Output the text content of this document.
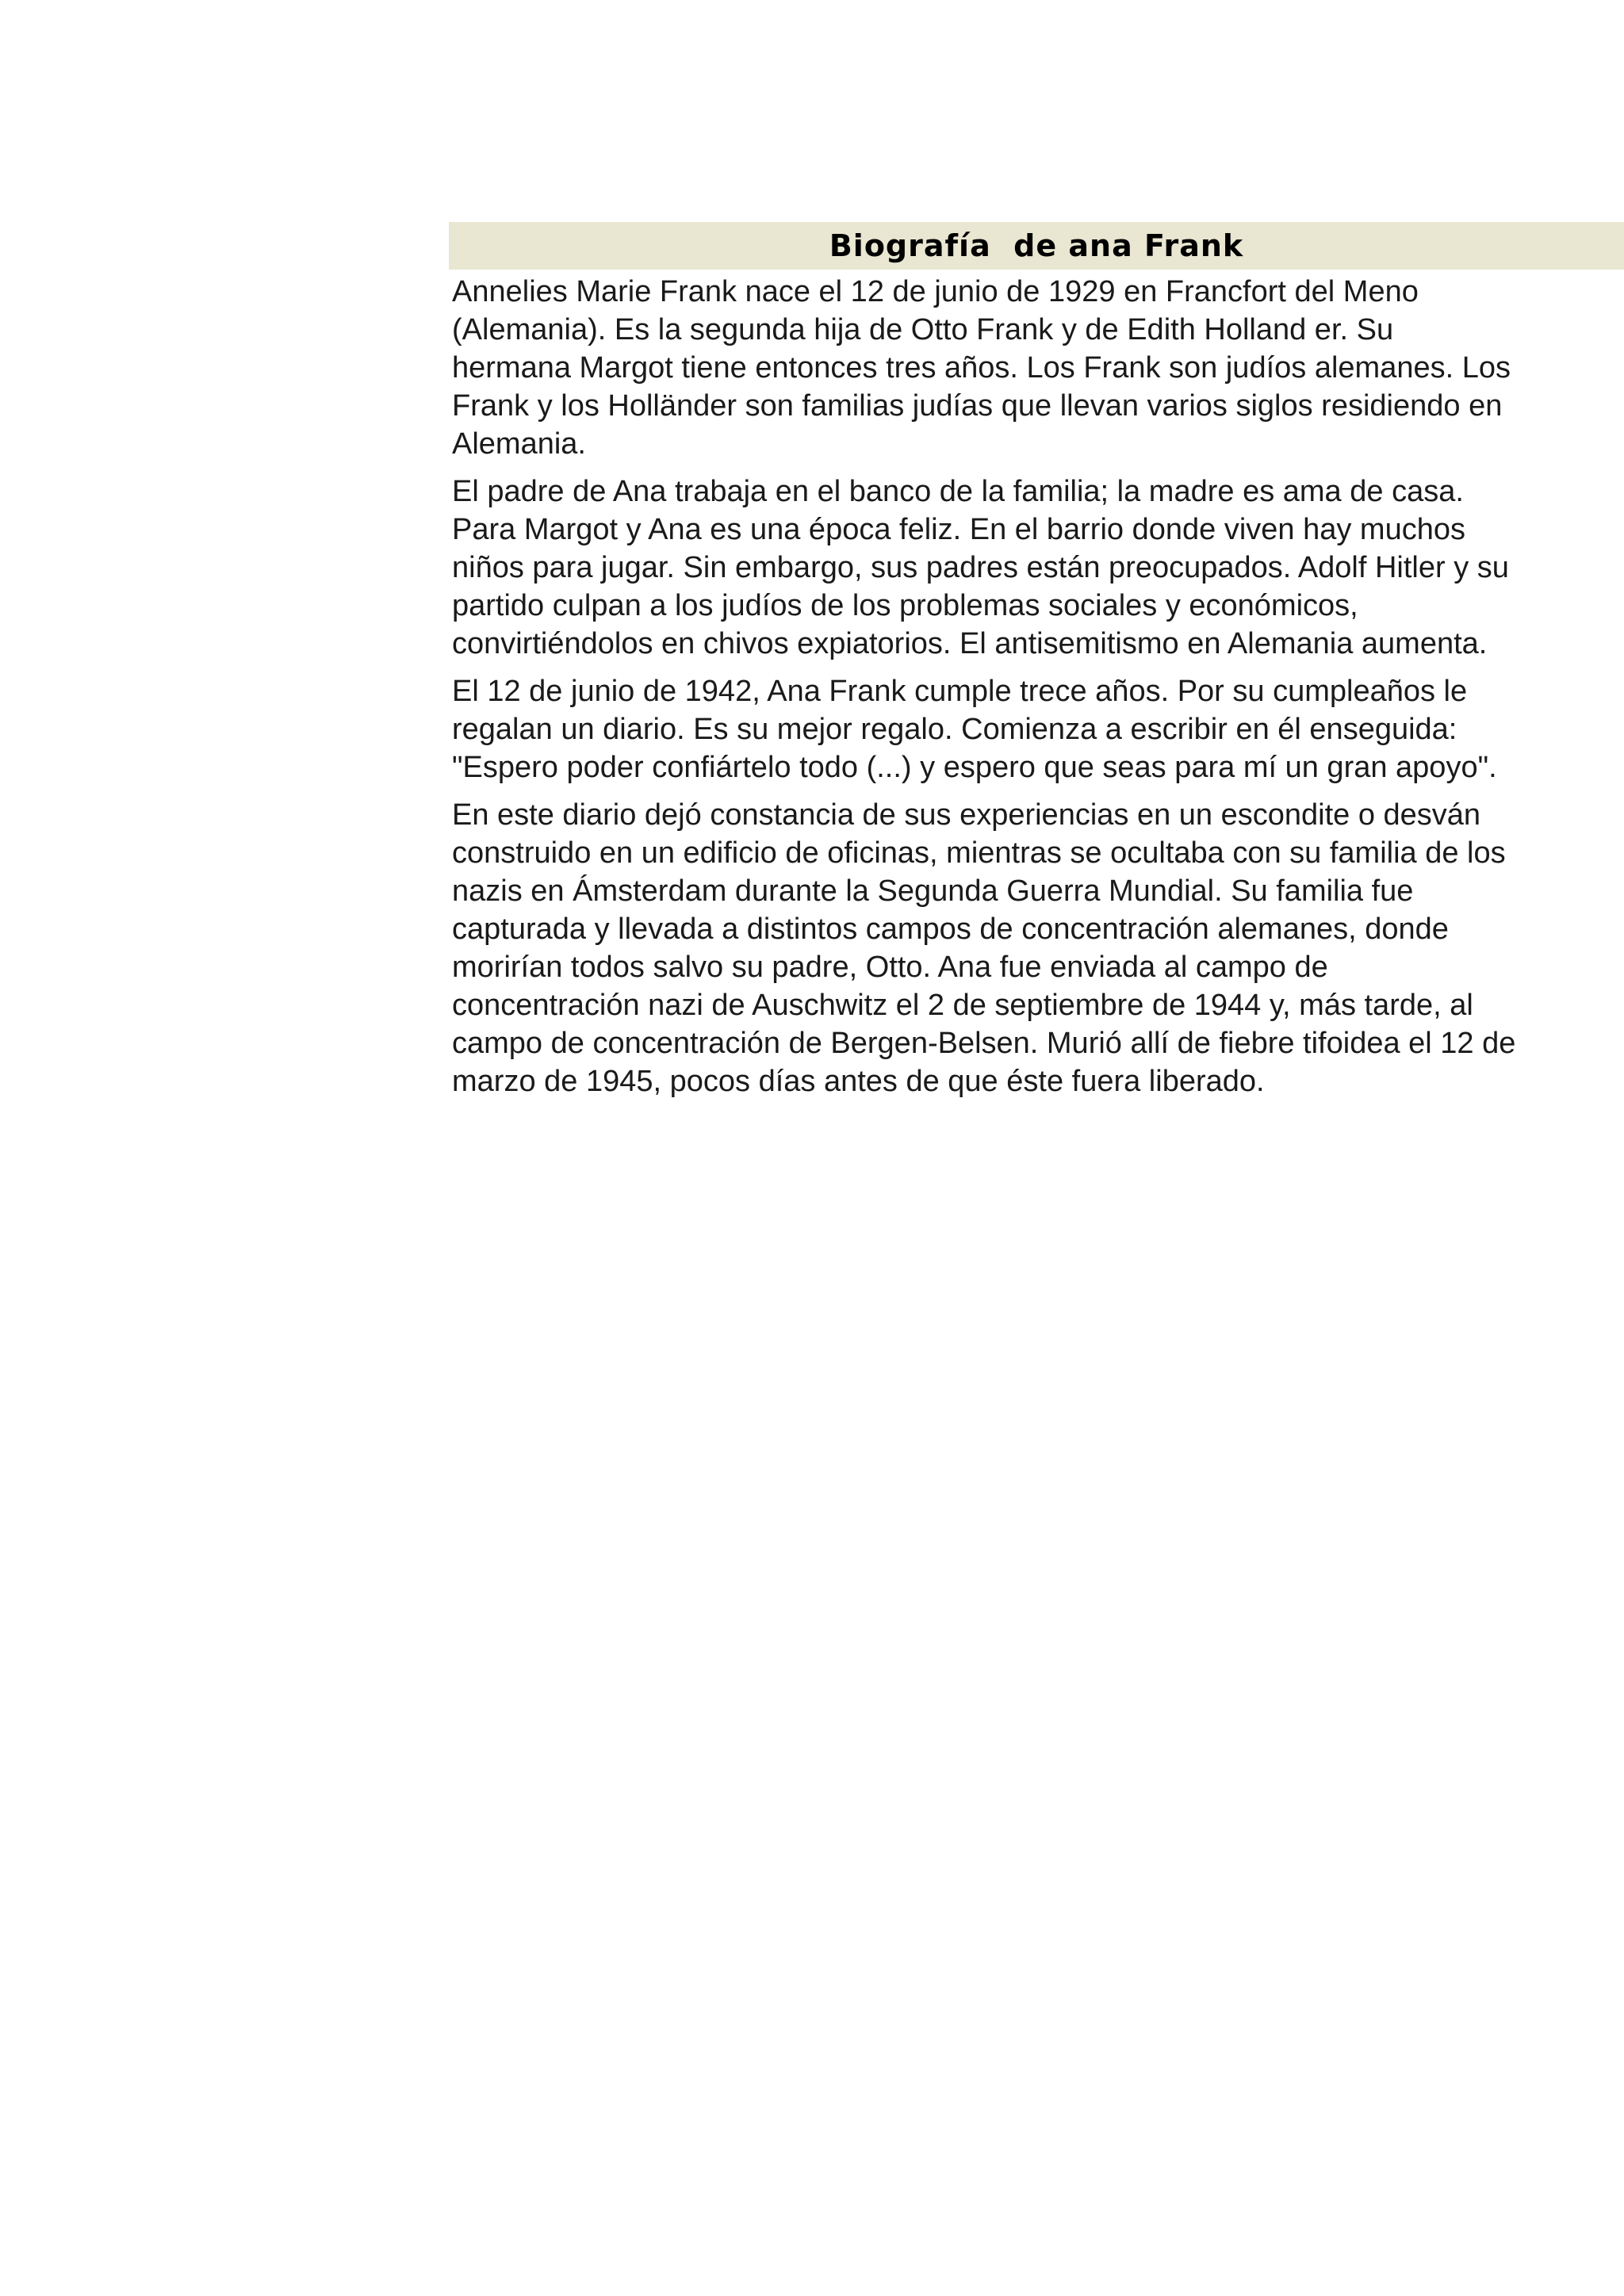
Biografía  de ana Frank

Annelies Marie Frank nace el 12 de junio de 1929 en Francfort del Meno
(Alemania). Es la segunda hija de Otto Frank y de Edith Holland er. Su
hermana Margot tiene entonces tres años. Los Frank son judíos alemanes. Los
Frank y los Holländer son familias judías que llevan varios siglos residiendo en
Alemania.

El padre de Ana trabaja en el banco de la familia; la madre es ama de casa.
Para Margot y Ana es una época feliz. En el barrio donde viven hay muchos
niños para jugar. Sin embargo, sus padres están preocupados. Adolf Hitler y su
partido culpan a los judíos de los problemas sociales y económicos,
convirtiéndolos en chivos expiatorios. El antisemitismo en Alemania aumenta.

El 12 de junio de 1942, Ana Frank cumple trece años. Por su cumpleaños le
regalan un diario. Es su mejor regalo. Comienza a escribir en él enseguida:
"Espero poder confiártelo todo (...) y espero que seas para mí un gran apoyo".

En este diario dejó constancia de sus experiencias en un escondite o desván
construido en un edificio de oficinas, mientras se ocultaba con su familia de los
nazis en Ámsterdam durante la Segunda Guerra Mundial. Su familia fue
capturada y llevada a distintos campos de concentración alemanes, donde
morirían todos salvo su padre, Otto. Ana fue enviada al campo de
concentración nazi de Auschwitz el 2 de septiembre de 1944 y, más tarde, al
campo de concentración de Bergen-Belsen. Murió allí de fiebre tifoidea el 12 de
marzo de 1945, pocos días antes de que éste fuera liberado.
